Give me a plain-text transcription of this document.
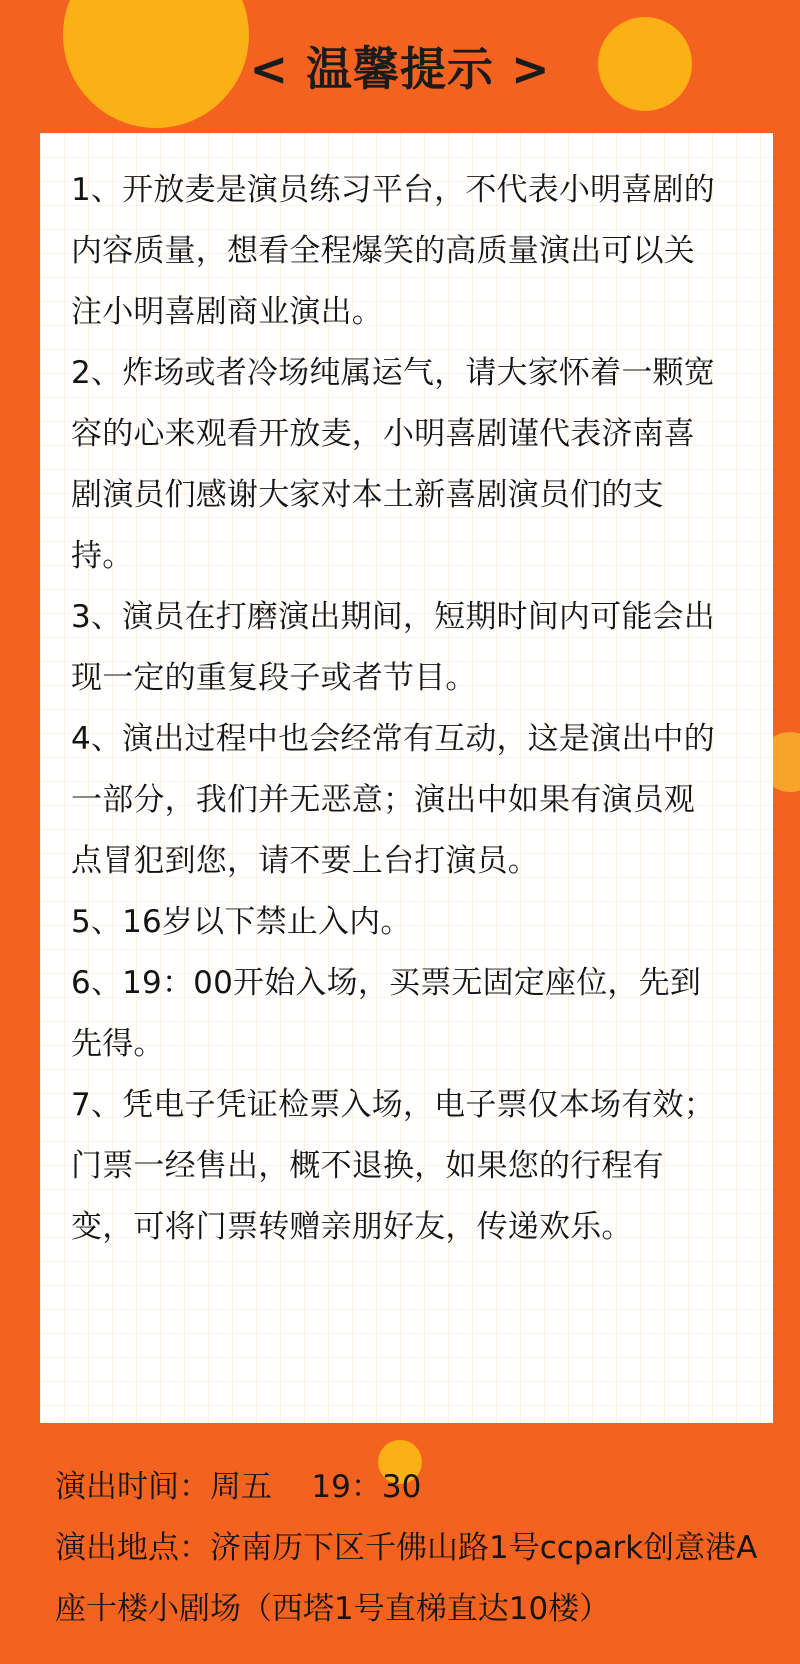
< 温馨提示 >

1、开放麦是演员练习平台，不代表小明喜剧的内容质量，想看全程爆笑的高质量演出可以关注小明喜剧商业演出。

2、炸场或者冷场纯属运气，请大家怀着一颗宽容的心来观看开放麦，小明喜剧谨代表济南喜剧演员们感谢大家对本土新喜剧演员们的支持。

3、演员在打磨演出期间，短期时间内可能会出现一定的重复段子或者节目。

4、演出过程中也会经常有互动，这是演出中的一部分，我们并无恶意；演出中如果有演员观点冒犯到您，请不要上台打演员。

5、16岁以下禁止入内。

6、19：00开始入场，买票无固定座位，先到先得。

7、凭电子凭证检票入场，电子票仅本场有效；门票一经售出，概不退换，如果您的行程有变，可将门票转赠亲朋好友，传递欢乐。

演出时间：周五    19：30

演出地点：济南历下区千佛山路1号ccpark创意港A座十楼小剧场（西塔1号直梯直达10楼）
